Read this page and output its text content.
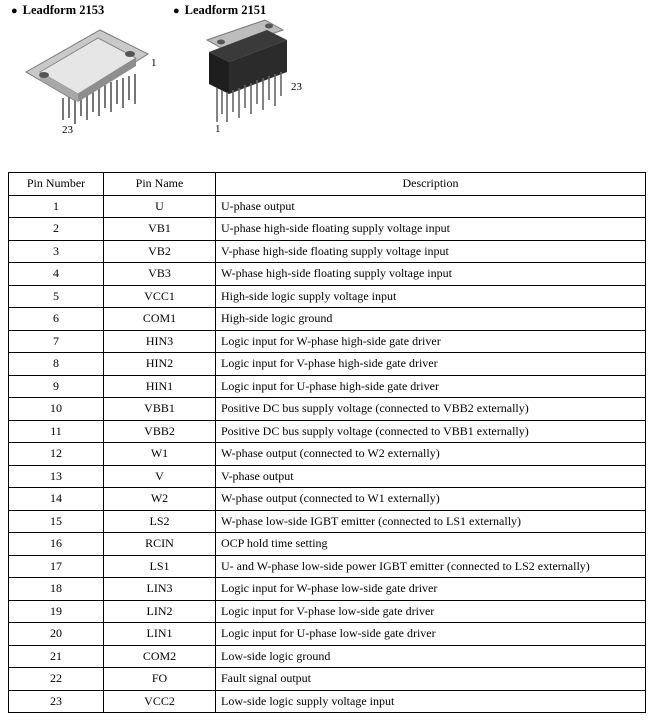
● Leadform 2153	● Leadform 2151
1
23
23
1
Pin Number	Pin Name	Description
1	U	U-phase output
2	VB1	U-phase high-side floating supply voltage input
3	VB2	V-phase high-side floating supply voltage input
4	VB3	W-phase high-side floating supply voltage input
5	VCC1	High-side logic supply voltage input
6	COM1	High-side logic ground
7	HIN3	Logic input for W-phase high-side gate driver
8	HIN2	Logic input for V-phase high-side gate driver
9	HIN1	Logic input for U-phase high-side gate driver
10	VBB1	Positive DC bus supply voltage (connected to VBB2 externally)
11	VBB2	Positive DC bus supply voltage (connected to VBB1 externally)
12	W1	W-phase output (connected to W2 externally)
13	V	V-phase output
14	W2	W-phase output (connected to W1 externally)
15	LS2	W-phase low-side IGBT emitter (connected to LS1 externally)
16	RCIN	OCP hold time setting
17	LS1	U- and W-phase low-side power IGBT emitter (connected to LS2 externally)
18	LIN3	Logic input for W-phase low-side gate driver
19	LIN2	Logic input for V-phase low-side gate driver
20	LIN1	Logic input for U-phase low-side gate driver
21	COM2	Low-side logic ground
22	FO	Fault signal output
23	VCC2	Low-side logic supply voltage input
